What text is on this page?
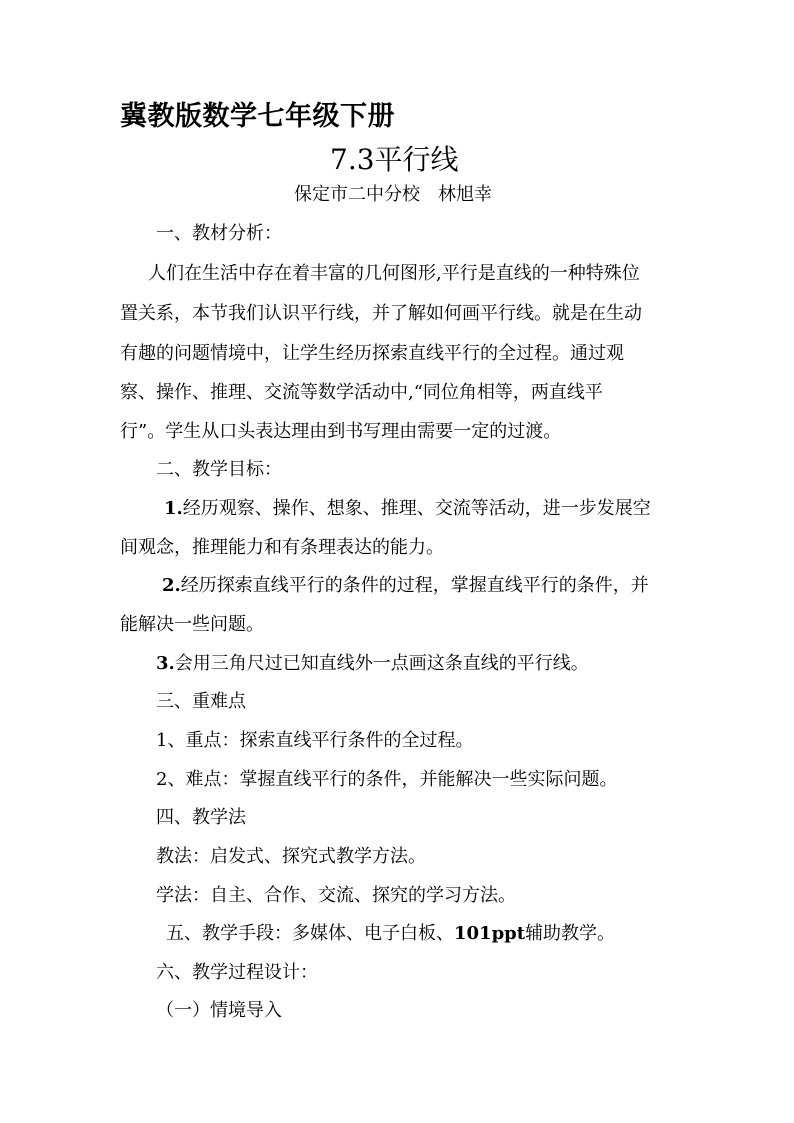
冀教版数学七年级下册
7.3平行线
保定市二中分校　林旭幸
一、教材分析：
人们在生活中存在着丰富的几何图形,平行是直线的一种特殊位
置关系，本节我们认识平行线，并了解如何画平行线。就是在生动
有趣的问题情境中，让学生经历探索直线平行的全过程。通过观
察、操作、推理、交流等数学活动中,“同位角相等，两直线平
行”。学生从口头表达理由到书写理由需要一定的过渡。
二、教学目标：
1.经历观察、操作、想象、推理、交流等活动，进一步发展空
间观念，推理能力和有条理表达的能力。
2.经历探索直线平行的条件的过程，掌握直线平行的条件，并
能解决一些问题。
3.会用三角尺过已知直线外一点画这条直线的平行线。
三、重难点
1、重点：探索直线平行条件的全过程。
2、难点：掌握直线平行的条件，并能解决一些实际问题。
四、教学法
教法：启发式、探究式教学方法。
学法：自主、合作、交流、探究的学习方法。
五、教学手段：多媒体、电子白板、101ppt辅助教学。
六、教学过程设计：
（一）情境导入
